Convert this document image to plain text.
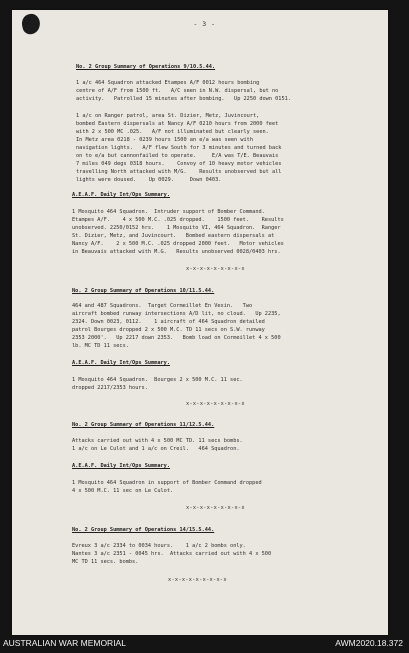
- 3 -
No. 2 Group Summary of Operations 9/10.5.44.
1 a/c 464 Squadron attacked Etampes A/F 0012 hours bombing
centre of A/F from 1500 ft.   A/C seen in N.W. dispersal, but no
activity.   Patrolled 15 minutes after bombing.   Up 2250 down 0151.
1 a/c on Ranger patrol, area St. Dizier, Metz, Juvincourt,
bombed Eastern dispersals at Nancy A/F 0210 hours from 2000 feet
with 2 x 500 MC .025.   A/F not illuminated but clearly seen.
In Metz area 0218 - 0239 hours 1500 an e/a was seen with
navigation lights.   A/F flew South for 3 minutes and turned back
on to e/a but cannonfailed to operate.     E/A was T/E. Beauvais
7 miles 049 degs 0318 hours.    Convoy of 10 heavy motor vehicles
travelling North attacked with M/G.    Results unobserved but all
lights were doused.    Up 0029.     Down 0403.
A.E.A.F. Daily Int/Ops Summary.
1 Mosquito 464 Squadron.  Intruder support of Bomber Command.
Etampes A/F.    4 x 500 M.C. .025 dropped.    1500 feet.    Results
unobserved. 2250/0152 hrs.    1 Mosquito VI, 464 Squadron.  Ranger
St. Dizier, Metz, and Juvincourt.   Bombed eastern dispersals at
Nancy A/F.    2 x 500 M.C. .025 dropped 2000 feet.   Motor vehicles
in Beauvais attacked with M.G.   Results unobserved 0028/0403 hrs.
x-x-x-x-x-x-x-x-x
No. 2 Group Summary of Operations 10/11.5.44.
464 and 487 Squadrons.  Target Cormeillet En Vexin.   Two
aircraft bombed runway intersections A/D lit, no cloud.   Up 2235,
2324. Down 0023, 0112.    1 aircraft of 464 Squadron detailed
patrol Bourges dropped 2 x 500 M.C. TD 11 secs on S.W. runway
2353 2000'.   Up 2217 down 2353.   Bomb load on Cormeillet 4 x 500
lb. MC TD 11 secs.
A.E.A.F. Daily Int/Ops Summary.
1 Mosquito 464 Squadron.  Bourges 2 x 500 M.C. 11 sec.
dropped 2217/2353 hours.
x-x-x-x-x-x-x-x-x
No. 2 Group Summary of Operations 11/12.5.44.
Attacks carried out with 4 x 500 MC TD. 11 secs bombs.
1 a/c on Le Culot and 1 a/c on Creil.   464 Squadron.
A.E.A.F. Daily Int/Ops Summary.
1 Mosquito 464 Squadron in support of Bomber Command dropped
4 x 500 M.C. 11 sec on Le Culot.
x-x-x-x-x-x-x-x-x
No. 2 Group Summary of Operations 14/15.5.44.
Evreux 3 a/c 2334 to 0034 hours.    1 a/c 2 bombs only.
Nantes 3 a/c 2351 - 0045 hrs.  Attacks carried out with 4 x 500
MC TD 11 secs. bombs.
x-x-x-x-x-x-x-x-x
AUSTRALIAN WAR MEMORIAL	AWM2020.18.372
